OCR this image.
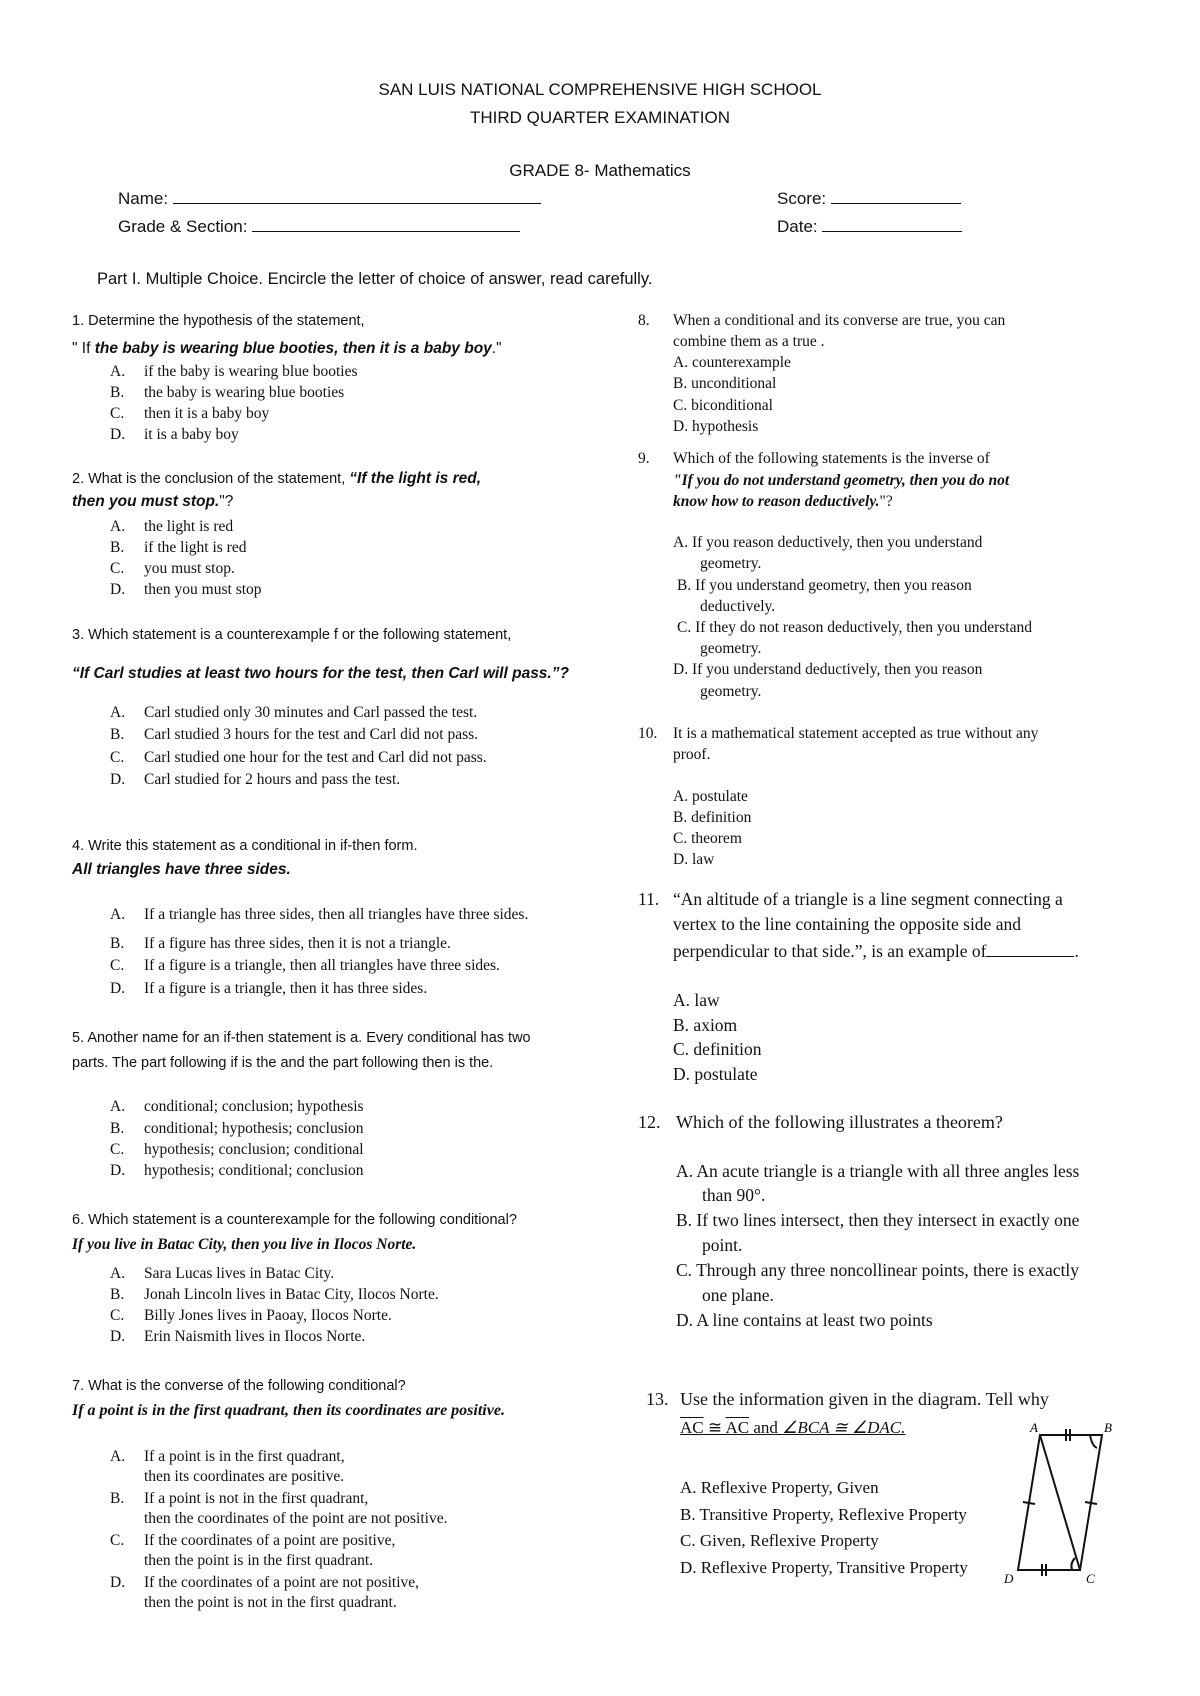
SAN LUIS NATIONAL COMPREHENSIVE HIGH SCHOOL
THIRD QUARTER EXAMINATION
GRADE 8- Mathematics
Name:	Score:
Grade & Section:	Date:
Part I. Multiple Choice. Encircle the letter of choice of answer, read carefully.
1. Determine the hypothesis of the statement,
" If the baby is wearing blue booties, then it is a baby boy."
A. if the baby is wearing blue booties
B. the baby is wearing blue booties
C. then it is a baby boy
D. it is a baby boy
2. What is the conclusion of the statement, “If the light is red,
then you must stop."?
A. the light is red
B. if the light is red
C. you must stop.
D. then you must stop
3. Which statement is a counterexample f or the following statement,
“If Carl studies at least two hours for the test, then Carl will pass.”?
A. Carl studied only 30 minutes and Carl passed the test.
B. Carl studied 3 hours for the test and Carl did not pass.
C. Carl studied one hour for the test and Carl did not pass.
D. Carl studied for 2 hours and pass the test.
4. Write this statement as a conditional in if-then form.
All triangles have three sides.
A. If a triangle has three sides, then all triangles have three sides.
B. If a figure has three sides, then it is not a triangle.
C. If a figure is a triangle, then all triangles have three sides.
D. If a figure is a triangle, then it has three sides.
5. Another name for an if-then statement is a. Every conditional has two
parts. The part following if is the and the part following then is the.
A. conditional; conclusion; hypothesis
B. conditional; hypothesis; conclusion
C. hypothesis; conclusion; conditional
D. hypothesis; conditional; conclusion
6. Which statement is a counterexample for the following conditional?
If you live in Batac City, then you live in Ilocos Norte.
A. Sara Lucas lives in Batac City.
B. Jonah Lincoln lives in Batac City, Ilocos Norte.
C. Billy Jones lives in Paoay, Ilocos Norte.
D. Erin Naismith lives in Ilocos Norte.
7. What is the converse of the following conditional?
If a point is in the first quadrant, then its coordinates are positive.
A. If a point is in the first quadrant,
then its coordinates are positive.
B. If a point is not in the first quadrant,
then the coordinates of the point are not positive.
C. If the coordinates of a point are positive,
then the point is in the first quadrant.
D. If the coordinates of a point are not positive,
then the point is not in the first quadrant.
8. When a conditional and its converse are true, you can
combine them as a true .
A. counterexample
B. unconditional
C. biconditional
D. hypothesis
9. Which of the following statements is the inverse of
"If you do not understand geometry, then you do not
know how to reason deductively."?
A. If you reason deductively, then you understand
geometry.
B. If you understand geometry, then you reason
deductively.
C. If they do not reason deductively, then you understand
geometry.
D. If you understand deductively, then you reason
geometry.
10. It is a mathematical statement accepted as true without any
proof.
A. postulate
B. definition
C. theorem
D. law
11. “An altitude of a triangle is a line segment connecting a
vertex to the line containing the opposite side and
perpendicular to that side.”, is an example of	.
A. law
B. axiom
C. definition
D. postulate
12. Which of the following illustrates a theorem?
A. An acute triangle is a triangle with all three angles less
than 90°.
B. If two lines intersect, then they intersect in exactly one
point.
C. Through any three noncollinear points, there is exactly
one plane.
D. A line contains at least two points
13. Use the information given in the diagram. Tell why
AC ≅ AC and ∠BCA ≅ ∠DAC.
A. Reflexive Property, Given
B. Transitive Property, Reflexive Property
C. Given, Reflexive Property
D. Reflexive Property, Transitive Property
A	B
C
D
